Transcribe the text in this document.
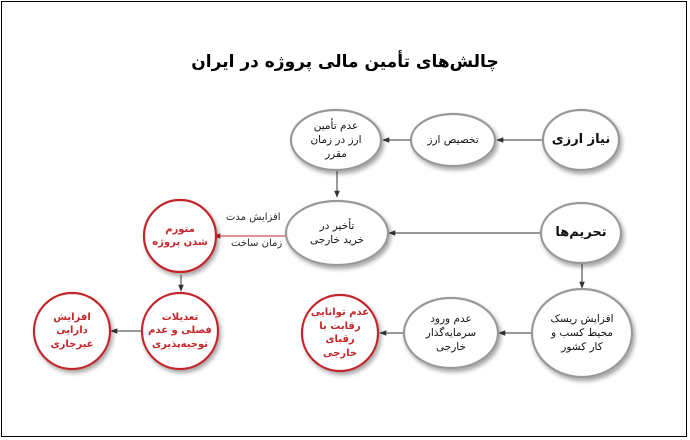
چالش‌های تأمین مالی پروژه در ایران
نیاز ارزی
تخصیص ارز
عدم تأمین
ارز در زمان
مقرر
تحریم‌ها
تأخیر در
خرید خارجی
متورم
شدن پروژه
افزایش ریسک
محیط کسب و
کار کشور
عدم ورود
سرمایه‌گذار
خارجی
عدم توانایی
رقابت با
رقبای
خارجی
تعدیلات
فصلی و عدم
توجیه‌پذیری
افزایش
دارایی
غیرجاری
افزایش مدت
زمان ساخت
